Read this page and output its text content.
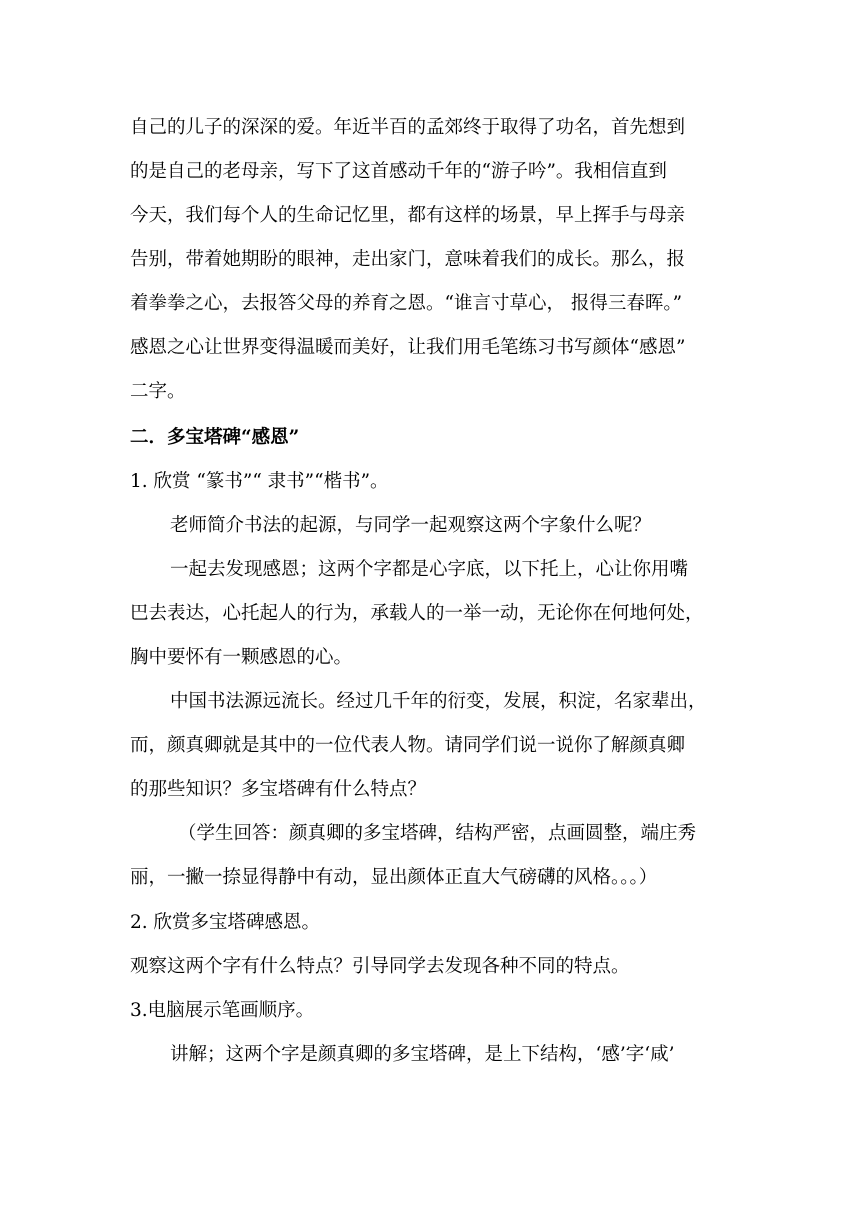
自己的儿子的深深的爱。年近半百的孟郊终于取得了功名，首先想到
的是自己的老母亲，写下了这首感动千年的“游子吟”。我相信直到
今天，我们每个人的生命记忆里，都有这样的场景，早上挥手与母亲
告别，带着她期盼的眼神，走出家门，意味着我们的成长。那么，报
着拳拳之心，去报答父母的养育之恩。“谁言寸草心， 报得三春晖。”
感恩之心让世界变得温暖而美好，让我们用毛笔练习书写颜体“感恩”
二字。
二．多宝塔碑“感恩”
1. 欣赏 “篆书”“ 隶书”“楷书”。
老师简介书法的起源，与同学一起观察这两个字象什么呢？
一起去发现感恩；这两个字都是心字底，以下托上，心让你用嘴
巴去表达，心托起人的行为，承载人的一举一动，无论你在何地何处，
胸中要怀有一颗感恩的心。
中国书法源远流长。经过几千年的衍变，发展，积淀，名家辈出，
而，颜真卿就是其中的一位代表人物。请同学们说一说你了解颜真卿
的那些知识？多宝塔碑有什么特点？
（学生回答：颜真卿的多宝塔碑，结构严密，点画圆整，端庄秀
丽，一撇一捺显得静中有动，显出颜体正直大气磅礴的风格。。。）
2. 欣赏多宝塔碑感恩。
观察这两个字有什么特点？引导同学去发现各种不同的特点。
3.电脑展示笔画顺序。
讲解；这两个字是颜真卿的多宝塔碑，是上下结构，‘感’字‘咸’
